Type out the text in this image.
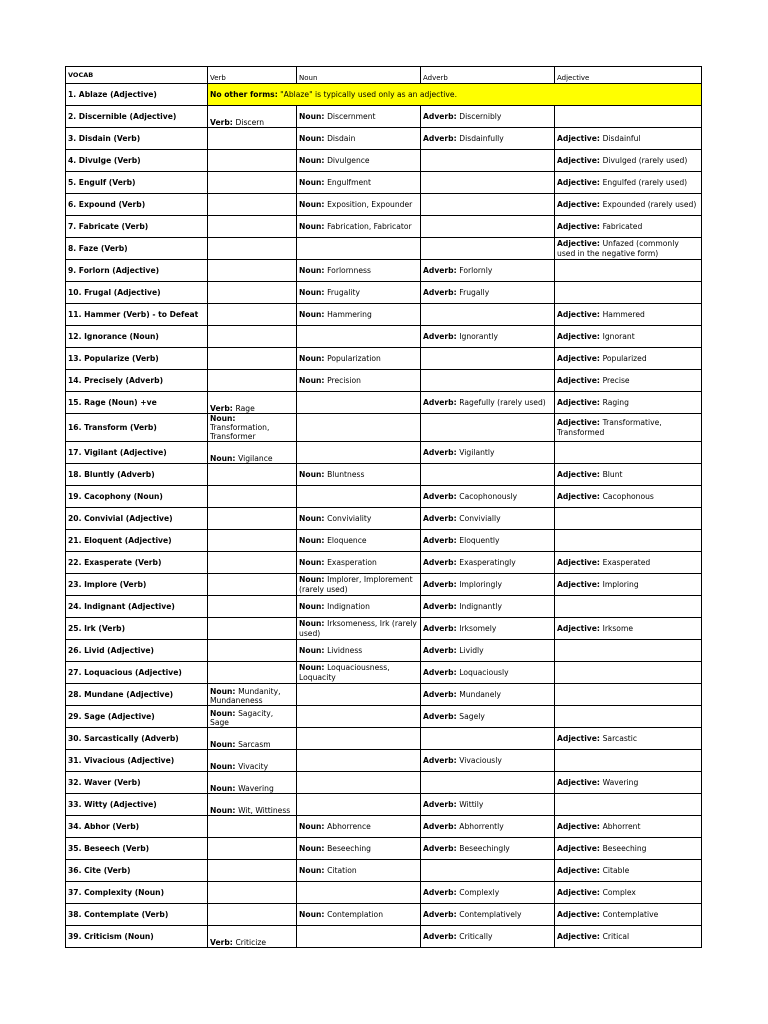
VOCAB	Verb	Noun	Adverb	Adjective
1. Ablaze (Adjective)	No other forms: "Ablaze" is typically used only as an adjective.			
2. Discernible (Adjective)	Verb: Discern	Noun: Discernment	Adverb: Discernibly	
3. Disdain (Verb)		Noun: Disdain	Adverb: Disdainfully	Adjective: Disdainful
4. Divulge (Verb)		Noun: Divulgence		Adjective: Divulged (rarely used)
5. Engulf (Verb)		Noun: Engulfment		Adjective: Engulfed (rarely used)
6. Expound (Verb)		Noun: Exposition, Expounder		Adjective: Expounded (rarely used)
7. Fabricate (Verb)		Noun: Fabrication, Fabricator		Adjective: Fabricated
8. Faze (Verb)				Adjective: Unfazed (commonly used in the negative form)
9. Forlorn (Adjective)		Noun: Forlornness	Adverb: Forlornly	
10. Frugal (Adjective)		Noun: Frugality	Adverb: Frugally	
11. Hammer (Verb) - to Defeat		Noun: Hammering		Adjective: Hammered
12. Ignorance (Noun)			Adverb: Ignorantly	Adjective: Ignorant
13. Popularize (Verb)		Noun: Popularization		Adjective: Popularized
14. Precisely (Adverb)		Noun: Precision		Adjective: Precise
15. Rage (Noun) +ve	Verb: Rage		Adverb: Ragefully (rarely used)	Adjective: Raging
16. Transform (Verb)	Noun: Transformation, Transformer			Adjective: Transformative, Transformed
17. Vigilant (Adjective)	Noun: Vigilance		Adverb: Vigilantly	
18. Bluntly (Adverb)		Noun: Bluntness		Adjective: Blunt
19. Cacophony (Noun)			Adverb: Cacophonously	Adjective: Cacophonous
20. Convivial (Adjective)		Noun: Conviviality	Adverb: Convivially	
21. Eloquent (Adjective)		Noun: Eloquence	Adverb: Eloquently	
22. Exasperate (Verb)		Noun: Exasperation	Adverb: Exasperatingly	Adjective: Exasperated
23. Implore (Verb)		Noun: Implorer, Implorement (rarely used)	Adverb: Imploringly	Adjective: Imploring
24. Indignant (Adjective)		Noun: Indignation	Adverb: Indignantly	
25. Irk (Verb)		Noun: Irksomeness, Irk (rarely used)	Adverb: Irksomely	Adjective: Irksome
26. Livid (Adjective)		Noun: Lividness	Adverb: Lividly	
27. Loquacious (Adjective)		Noun: Loquaciousness, Loquacity	Adverb: Loquaciously	
28. Mundane (Adjective)	Noun: Mundanity, Mundaneness		Adverb: Mundanely	
29. Sage (Adjective)	Noun: Sagacity, Sage		Adverb: Sagely	
30. Sarcastically (Adverb)	Noun: Sarcasm			Adjective: Sarcastic
31. Vivacious (Adjective)	Noun: Vivacity		Adverb: Vivaciously	
32. Waver (Verb)	Noun: Wavering			Adjective: Wavering
33. Witty (Adjective)	Noun: Wit, Wittiness		Adverb: Wittily	
34. Abhor (Verb)		Noun: Abhorrence	Adverb: Abhorrently	Adjective: Abhorrent
35. Beseech (Verb)		Noun: Beseeching	Adverb: Beseechingly	Adjective: Beseeching
36. Cite (Verb)		Noun: Citation		Adjective: Citable
37. Complexity (Noun)			Adverb: Complexly	Adjective: Complex
38. Contemplate (Verb)		Noun: Contemplation	Adverb: Contemplatively	Adjective: Contemplative
39. Criticism (Noun)	Verb: Criticize		Adverb: Critically	Adjective: Critical
